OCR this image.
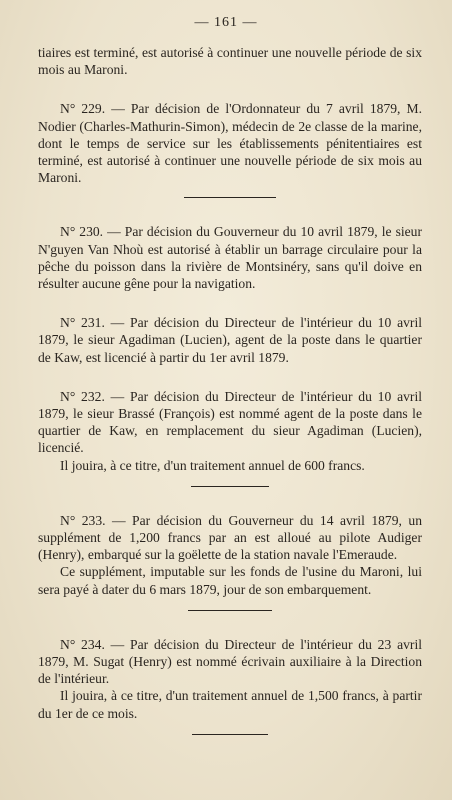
— 161 —

tiaires est terminé, est autorisé à continuer une nouvelle période de six mois au Maroni.

N° 229. — Par décision de l'Ordonnateur du 7 avril 1879, M. Nodier (Charles-Mathurin-Simon), médecin de 2e classe de la marine, dont le temps de service sur les établissements pénitentiaires est terminé, est autorisé à continuer une nouvelle période de six mois au Maroni.

N° 230. — Par décision du Gouverneur du 10 avril 1879, le sieur N'guyen Van Nhoù est autorisé à établir un barrage circulaire pour la pêche du poisson dans la rivière de Montsinéry, sans qu'il doive en résulter aucune gêne pour la navigation.

N° 231. — Par décision du Directeur de l'intérieur du 10 avril 1879, le sieur Agadiman (Lucien), agent de la poste dans le quartier de Kaw, est licencié à partir du 1er avril 1879.

N° 232. — Par décision du Directeur de l'intérieur du 10 avril 1879, le sieur Brassé (François) est nommé agent de la poste dans le quartier de Kaw, en remplacement du sieur Agadiman (Lucien), licencié.

Il jouira, à ce titre, d'un traitement annuel de 600 francs.

N° 233. — Par décision du Gouverneur du 14 avril 1879, un supplément de 1,200 francs par an est alloué au pilote Audiger (Henry), embarqué sur la goëlette de la station navale l'Emeraude.

Ce supplément, imputable sur les fonds de l'usine du Maroni, lui sera payé à dater du 6 mars 1879, jour de son embarquement.

N° 234. — Par décision du Directeur de l'intérieur du 23 avril 1879, M. Sugat (Henry) est nommé écrivain auxiliaire à la Direction de l'intérieur.

Il jouira, à ce titre, d'un traitement annuel de 1,500 francs, à partir du 1er de ce mois.
